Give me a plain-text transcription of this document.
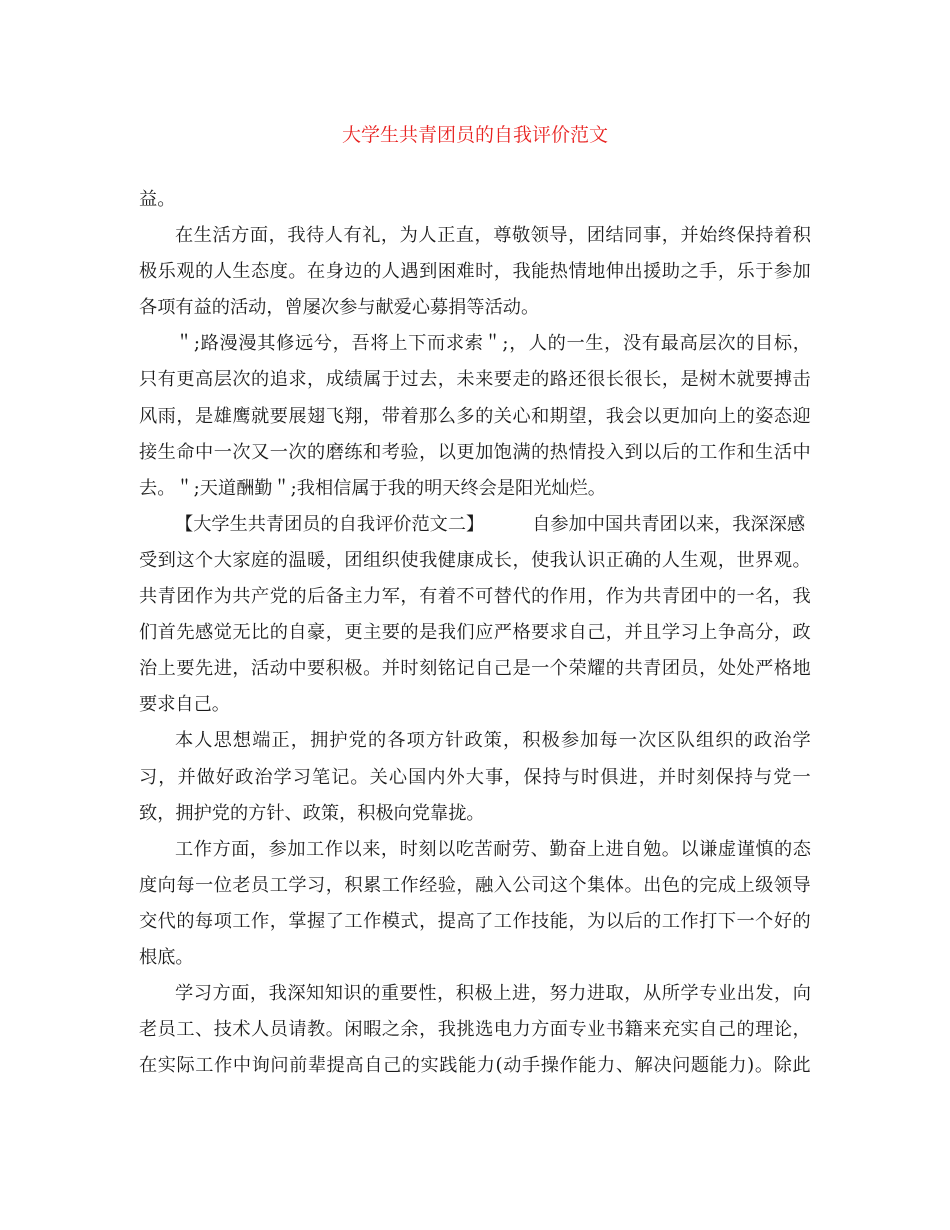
大学生共青团员的自我评价范文
益。
在 生 活 方 面 ， 我 待 人 有 礼 ， 为 人 正 直 ， 尊 敬 领 导 ， 团 结 同 事 ， 并 始 终 保 持 着 积
极 乐 观 的 人 生 态 度 。 在 身 边 的 人 遇 到 困 难 时 ， 我 能 热 情 地 伸 出 援 助 之 手 ， 乐 于 参 加
各项有益的活动，曾屡次参与献爱心募捐等活动。
＂ ; 路 漫 漫 其 修 远 兮 ， 吾 将 上 下 而 求 索 ＂ ; ， 人 的 一 生 ， 没 有 最 高 层 次 的 目 标 ，
只 有 更 高 层 次 的 追 求 ， 成 绩 属 于 过 去 ， 未 来 要 走 的 路 还 很 长 很 长 ， 是 树 木 就 要 搏 击
风 雨 ， 是 雄 鹰 就 要 展 翅 飞 翔 ， 带 着 那 么 多 的 关 心 和 期 望 ， 我 会 以 更 加 向 上 的 姿 态 迎
接 生 命 中 一 次 又 一 次 的 磨 练 和 考 验 ， 以 更 加 饱 满 的 热 情 投 入 到 以 后 的 工 作 和 生 活 中
去。＂;天道酬勤＂;我相信属于我的明天终会是阳光灿烂。
【大学生共青团员的自我评价范文二】	自参加中国共青团以来，我深深感
受 到 这 个 大 家 庭 的 温 暖 ， 团 组 织 使 我 健 康 成 长 ， 使 我 认 识 正 确 的 人 生 观 ， 世 界 观 。
共 青 团 作 为 共 产 党 的 后 备 主 力 军 ， 有 着 不 可 替 代 的 作 用 ， 作 为 共 青 团 中 的 一 名 ， 我
们 首 先 感 觉 无 比 的 自 豪 ， 更 主 要 的 是 我 们 应 严 格 要 求 自 己 ， 并 且 学 习 上 争 高 分 ， 政
治 上 要 先 进 ， 活 动 中 要 积 极 。 并 时 刻 铭 记 自 己 是 一 个 荣 耀 的 共 青 团 员 ， 处 处 严 格 地
要求自己。
本 人 思 想 端 正 ， 拥 护 党 的 各 项 方 针 政 策 ， 积 极 参 加 每 一 次 区 队 组 织 的 政 治 学
习 ， 并 做 好 政 治 学 习 笔 记 。 关 心 国 内 外 大 事 ， 保 持 与 时 俱 进 ， 并 时 刻 保 持 与 党 一
致，拥护党的方针、政策，积极向党靠拢。
工 作 方 面 ， 参 加 工 作 以 来 ， 时 刻 以 吃 苦 耐 劳 、 勤 奋 上 进 自 勉 。 以 谦 虚 谨 慎 的 态
度 向 每 一 位 老 员 工 学 习 ， 积 累 工 作 经 验 ， 融 入 公 司 这 个 集 体 。 出 色 的 完 成 上 级 领 导
交 代 的 每 项 工 作 ， 掌 握 了 工 作 模 式 ， 提 高 了 工 作 技 能 ， 为 以 后 的 工 作 打 下 一 个 好 的
根底。
学 习 方 面 ， 我 深 知 知 识 的 重 要 性 ， 积 极 上 进 ， 努 力 进 取 ， 从 所 学 专 业 出 发 ， 向
老 员 工 、 技 术 人 员 请 教 。 闲 暇 之 余 ， 我 挑 选 电 力 方 面 专 业 书 籍 来 充 实 自 己 的 理 论 ，
在 实 际 工 作 中 询 问 前 辈 提 高 自 己 的 实 践 能 力 ( 动 手 操 作 能 力 、 解 决 问 题 能 力 ) 。 除 此
